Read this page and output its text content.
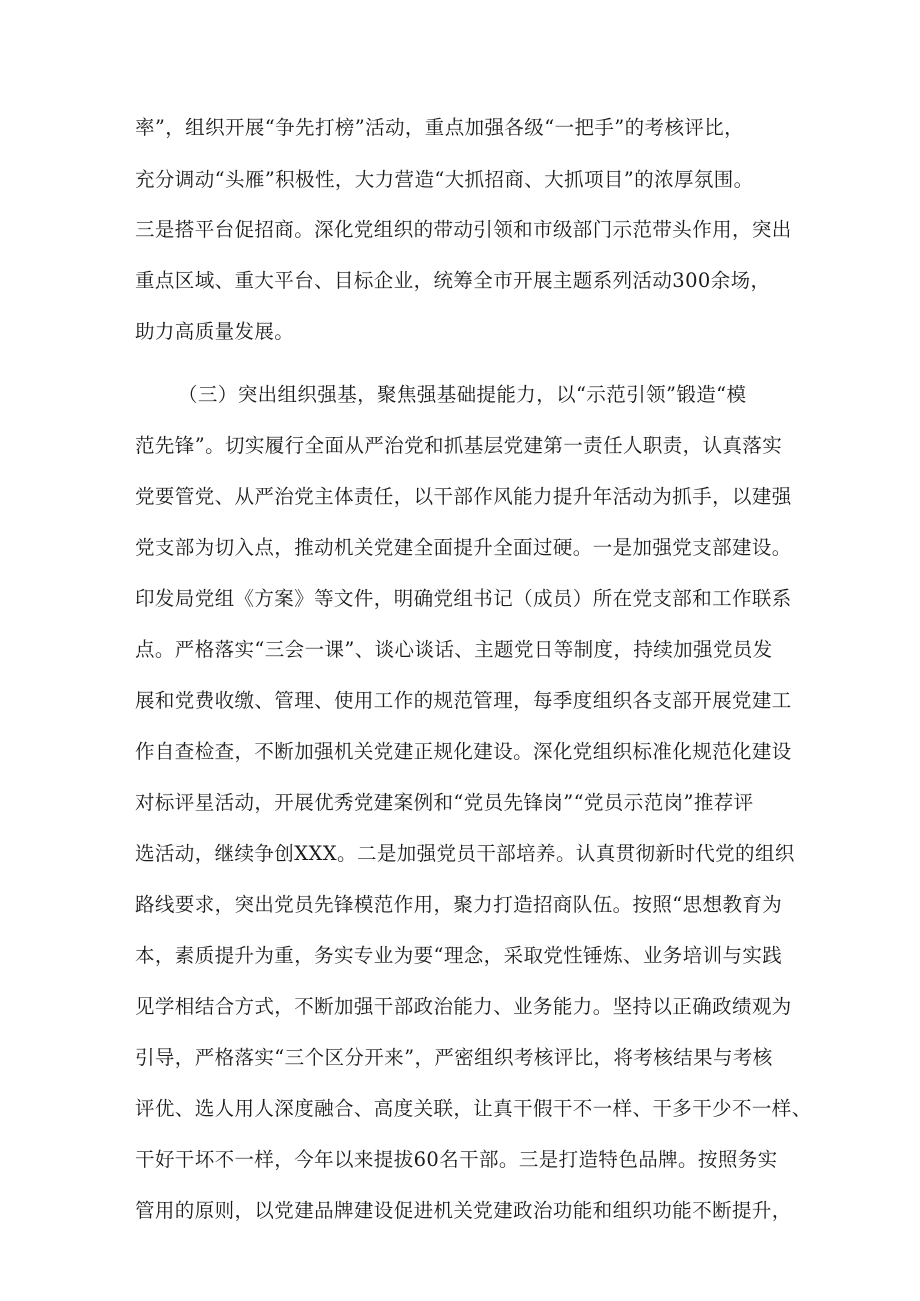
率”，组织开展“争先打榜”活动，重点加强各级“一把手”的考核评比，
充分调动“头雁”积极性，大力营造“大抓招商、大抓项目”的浓厚氛围。
三是搭平台促招商。深化党组织的带动引领和市级部门示范带头作用，突出
重点区域、重大平台、目标企业，统筹全市开展主题系列活动300余场，
助力高质量发展。
（三）突出组织强基，聚焦强基础提能力，以“示范引领”锻造“模
范先锋”。切实履行全面从严治党和抓基层党建第一责任人职责，认真落实
党要管党、从严治党主体责任，以干部作风能力提升年活动为抓手，以建强
党支部为切入点，推动机关党建全面提升全面过硬。一是加强党支部建设。
印发局党组《方案》等文件，明确党组书记（成员）所在党支部和工作联系
点。严格落实“三会一课”、谈心谈话、主题党日等制度，持续加强党员发
展和党费收缴、管理、使用工作的规范管理，每季度组织各支部开展党建工
作自查检查，不断加强机关党建正规化建设。深化党组织标准化规范化建设
对标评星活动，开展优秀党建案例和“党员先锋岗”“党员示范岗”推荐评
选活动，继续争创XXX。二是加强党员干部培养。认真贯彻新时代党的组织
路线要求，突出党员先锋模范作用，聚力打造招商队伍。按照“思想教育为
本，素质提升为重，务实专业为要“理念，采取党性锤炼、业务培训与实践
见学相结合方式，不断加强干部政治能力、业务能力。坚持以正确政绩观为
引导，严格落实“三个区分开来”，严密组织考核评比，将考核结果与考核
评优、选人用人深度融合、高度关联，让真干假干不一样、干多干少不一样、
干好干坏不一样，今年以来提拔60名干部。三是打造特色品牌。按照务实
管用的原则，以党建品牌建设促进机关党建政治功能和组织功能不断提升，
